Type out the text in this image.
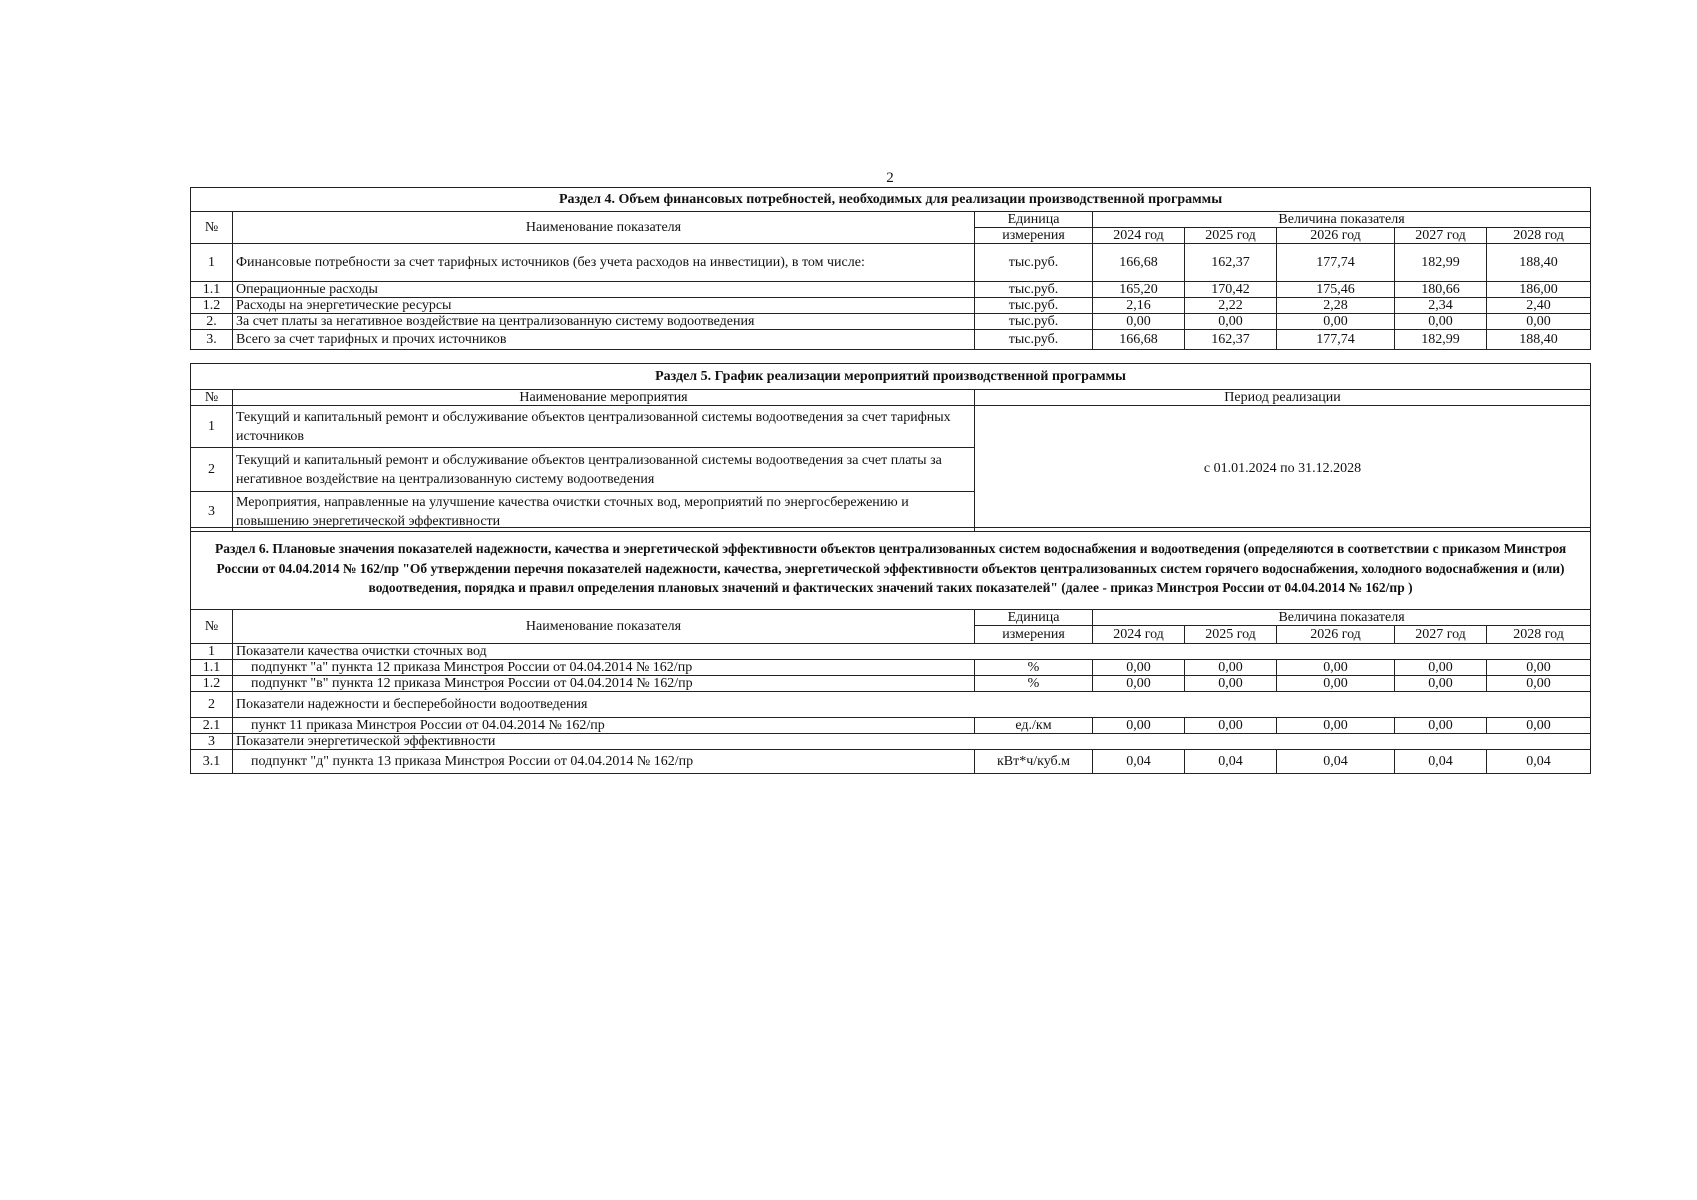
2
Раздел 4. Объем финансовых потребностей, необходимых для реализации производственной программы							
№	Наименование показателя	Единица	Величина показателя				
		измерения	2024 год	2025 год	2026 год	2027 год	2028 год
1	Финансовые потребности за счет тарифных источников (без учета расходов на инвестиции), в том числе:	тыс.руб.	166,68	162,37	177,74	182,99	188,40
1.1	Операционные расходы	тыс.руб.	165,20	170,42	175,46	180,66	186,00
1.2	Расходы на энергетические ресурсы	тыс.руб.	2,16	2,22	2,28	2,34	2,40
2.	За счет платы за негативное воздействие на централизованную систему водоотведения	тыс.руб.	0,00	0,00	0,00	0,00	0,00
3.	Всего за счет тарифных и прочих источников	тыс.руб.	166,68	162,37	177,74	182,99	188,40
Раздел 5. График реализации мероприятий производственной программы		
№	Наименование мероприятия	Период реализации
1	Текущий и капитальный ремонт и обслуживание объектов централизованной системы водоотведения за счет тарифных источников	с 01.01.2024 по 31.12.2028
2	Текущий и капитальный ремонт и обслуживание объектов централизованной системы водоотведения за счет платы за негативное воздействие на централизованную систему водоотведения	
3	Мероприятия, направленные на улучшение качества очистки сточных вод, мероприятий по энергосбережению и повышению энергетической эффективности	
Раздел 6. Плановые значения показателей надежности, качества и энергетической эффективности объектов централизованных систем водоснабжения и водоотведения (определяются в соответствии с приказом Минстроя России от 04.04.2014 № 162/пр "Об утверждении перечня показателей надежности, качества, энергетической эффективности объектов централизованных систем горячего водоснабжения, холодного водоснабжения и (или) водоотведения, порядка и правил определения плановых значений и фактических значений таких показателей" (далее - приказ Минстроя России от 04.04.2014 № 162/пр )							
№	Наименование показателя	Единица	Величина показателя				
		измерения	2024 год	2025 год	2026 год	2027 год	2028 год
1	Показатели качества очистки сточных вод						
1.1	подпункт "а" пункта 12 приказа Минстроя России от 04.04.2014 № 162/пр	%	0,00	0,00	0,00	0,00	0,00
1.2	подпункт "в" пункта 12 приказа Минстроя России от 04.04.2014 № 162/пр	%	0,00	0,00	0,00	0,00	0,00
2	Показатели надежности и бесперебойности водоотведения						
2.1	пункт 11 приказа Минстроя России от 04.04.2014 № 162/пр	ед./км	0,00	0,00	0,00	0,00	0,00
3	Показатели энергетической эффективности						
3.1	подпункт "д" пункта 13 приказа Минстроя России от 04.04.2014 № 162/пр	кВт*ч/куб.м	0,04	0,04	0,04	0,04	0,04
